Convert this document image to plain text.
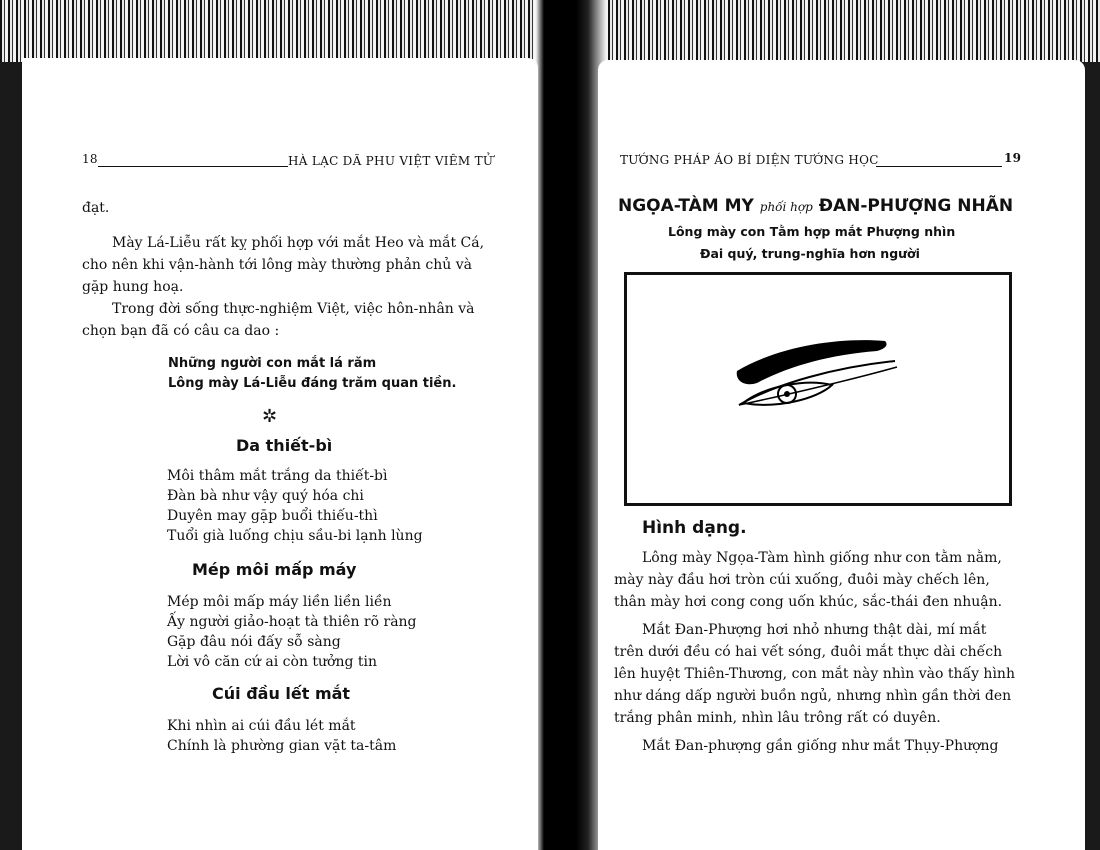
18	HÀ LẠC DÃ PHU VIỆT VIÊM TỬ
đạt.
Mày Lá-Liễu rất kỵ phối hợp với mắt Heo và mắt Cá,
cho nên khi vận-hành tới lông mày thường phản chủ và
gặp hung hoạ.
Trong đời sống thực-nghiệm Việt, việc hôn-nhân và
chọn bạn đã có câu ca dao :
Những người con mắt lá răm
Lông mày Lá-Liễu đáng trăm quan tiền.
✲
Da thiết-bì
Môi thâm mắt trắng da thiết-bì
Đàn bà như vậy quý hóa chi
Duyên may gặp buổi thiếu-thì
Tuổi già luống chịu sầu-bi lạnh lùng
Mép môi mấp máy
Mép môi mấp máy liền liền liền
Ấy người giảo-hoạt tà thiên rõ ràng
Gặp đâu nói đấy sỗ sàng
Lời vô căn cứ ai còn tưởng tin
Cúi đầu lết mắt
Khi nhìn ai cúi đầu lét mắt
Chính là phường gian vặt ta-tâm
TƯỚNG PHÁP ÁO BÍ DIỆN TƯỚNG HỌC	19
NGỌA-TÀM MY phối hợp ĐAN-PHƯỢNG NHÃN
Lông mày con Tằm hợp mắt Phượng nhìn
Đai quý, trung-nghĩa hơn người
Hình dạng.
Lông mày Ngọa-Tàm hình giống như con tằm nằm,
mày này đầu hơi tròn cúi xuống, đuôi mày chếch lên,
thân mày hơi cong cong uốn khúc, sắc-thái đen nhuận.
Mắt Đan-Phượng hơi nhỏ nhưng thật dài, mí mắt
trên dưới đều có hai vết sóng, đuôi mắt thực dài chếch
lên huyệt Thiên-Thương, con mắt này nhìn vào thấy hình
như dáng dấp người buồn ngủ, nhưng nhìn gần thời đen
trắng phân minh, nhìn lâu trông rất có duyên.
Mắt Đan-phượng gần giống như mắt Thụy-Phượng
